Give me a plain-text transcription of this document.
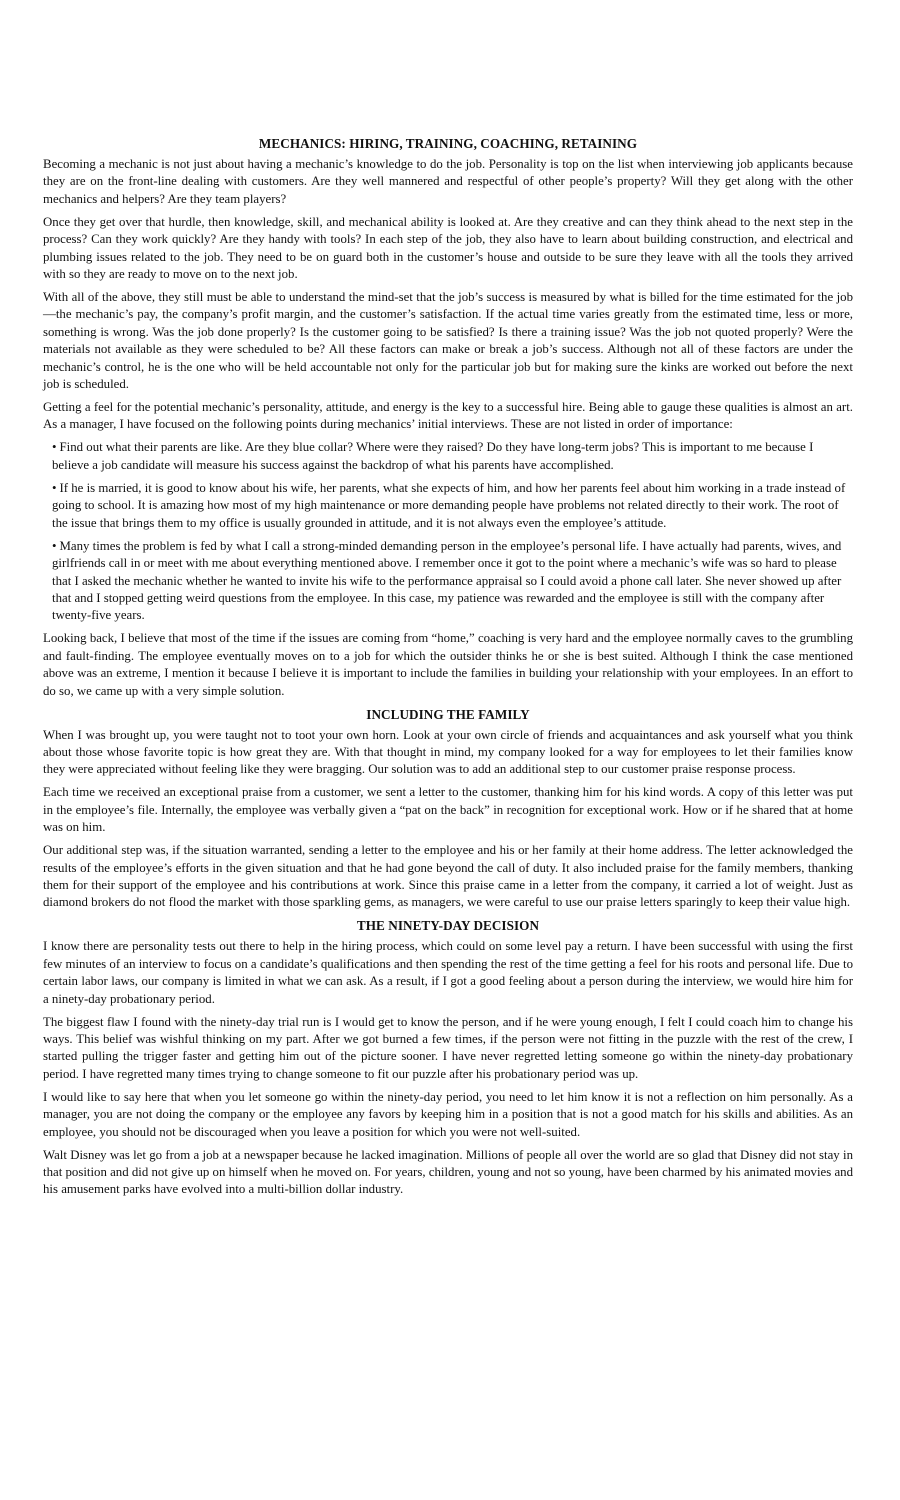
MECHANICS: HIRING, TRAINING, COACHING, RETAINING

Becoming a mechanic is not just about having a mechanic’s knowledge to do the job. Personality is top on the list when interviewing job applicants because they are on the front-line dealing with customers. Are they well mannered and respectful of other people’s property? Will they get along with the other mechanics and helpers? Are they team players?

Once they get over that hurdle, then knowledge, skill, and mechanical ability is looked at. Are they creative and can they think ahead to the next step in the process? Can they work quickly? Are they handy with tools? In each step of the job, they also have to learn about building construction, and electrical and plumbing issues related to the job. They need to be on guard both in the customer’s house and outside to be sure they leave with all the tools they arrived with so they are ready to move on to the next job.

With all of the above, they still must be able to understand the mind-set that the job’s success is measured by what is billed for the time estimated for the job—the mechanic’s pay, the company’s profit margin, and the customer’s satisfaction. If the actual time varies greatly from the estimated time, less or more, something is wrong. Was the job done properly? Is the customer going to be satisfied? Is there a training issue? Was the job not quoted properly? Were the materials not available as they were scheduled to be? All these factors can make or break a job’s success. Although not all of these factors are under the mechanic’s control, he is the one who will be held accountable not only for the particular job but for making sure the kinks are worked out before the next job is scheduled.

Getting a feel for the potential mechanic’s personality, attitude, and energy is the key to a successful hire. Being able to gauge these qualities is almost an art. As a manager, I have focused on the following points during mechanics’ initial interviews. These are not listed in order of importance:

• Find out what their parents are like. Are they blue collar? Where were they raised? Do they have long-term jobs? This is important to me because I believe a job candidate will measure his success against the backdrop of what his parents have accomplished.
• If he is married, it is good to know about his wife, her parents, what she expects of him, and how her parents feel about him working in a trade instead of going to school. It is amazing how most of my high maintenance or more demanding people have problems not related directly to their work. The root of the issue that brings them to my office is usually grounded in attitude, and it is not always even the employee’s attitude.
• Many times the problem is fed by what I call a strong-minded demanding person in the employee’s personal life. I have actually had parents, wives, and girlfriends call in or meet with me about everything mentioned above. I remember once it got to the point where a mechanic’s wife was so hard to please that I asked the mechanic whether he wanted to invite his wife to the performance appraisal so I could avoid a phone call later. She never showed up after that and I stopped getting weird questions from the employee. In this case, my patience was rewarded and the employee is still with the company after twenty-five years.

Looking back, I believe that most of the time if the issues are coming from “home,” coaching is very hard and the employee normally caves to the grumbling and fault-finding. The employee eventually moves on to a job for which the outsider thinks he or she is best suited. Although I think the case mentioned above was an extreme, I mention it because I believe it is important to include the families in building your relationship with your employees. In an effort to do so, we came up with a very simple solution.

INCLUDING THE FAMILY

When I was brought up, you were taught not to toot your own horn. Look at your own circle of friends and acquaintances and ask yourself what you think about those whose favorite topic is how great they are. With that thought in mind, my company looked for a way for employees to let their families know they were appreciated without feeling like they were bragging. Our solution was to add an additional step to our customer praise response process.

Each time we received an exceptional praise from a customer, we sent a letter to the customer, thanking him for his kind words. A copy of this letter was put in the employee’s file. Internally, the employee was verbally given a “pat on the back” in recognition for exceptional work. How or if he shared that at home was on him.

Our additional step was, if the situation warranted, sending a letter to the employee and his or her family at their home address. The letter acknowledged the results of the employee’s efforts in the given situation and that he had gone beyond the call of duty. It also included praise for the family members, thanking them for their support of the employee and his contributions at work. Since this praise came in a letter from the company, it carried a lot of weight. Just as diamond brokers do not flood the market with those sparkling gems, as managers, we were careful to use our praise letters sparingly to keep their value high.

THE NINETY-DAY DECISION

I know there are personality tests out there to help in the hiring process, which could on some level pay a return. I have been successful with using the first few minutes of an interview to focus on a candidate’s qualifications and then spending the rest of the time getting a feel for his roots and personal life. Due to certain labor laws, our company is limited in what we can ask. As a result, if I got a good feeling about a person during the interview, we would hire him for a ninety-day probationary period.

The biggest flaw I found with the ninety-day trial run is I would get to know the person, and if he were young enough, I felt I could coach him to change his ways. This belief was wishful thinking on my part. After we got burned a few times, if the person were not fitting in the puzzle with the rest of the crew, I started pulling the trigger faster and getting him out of the picture sooner. I have never regretted letting someone go within the ninety-day probationary period. I have regretted many times trying to change someone to fit our puzzle after his probationary period was up.

I would like to say here that when you let someone go within the ninety-day period, you need to let him know it is not a reflection on him personally. As a manager, you are not doing the company or the employee any favors by keeping him in a position that is not a good match for his skills and abilities. As an employee, you should not be discouraged when you leave a position for which you were not well-suited.

Walt Disney was let go from a job at a newspaper because he lacked imagination. Millions of people all over the world are so glad that Disney did not stay in that position and did not give up on himself when he moved on. For years, children, young and not so young, have been charmed by his animated movies and his amusement parks have evolved into a multi-billion dollar industry.
